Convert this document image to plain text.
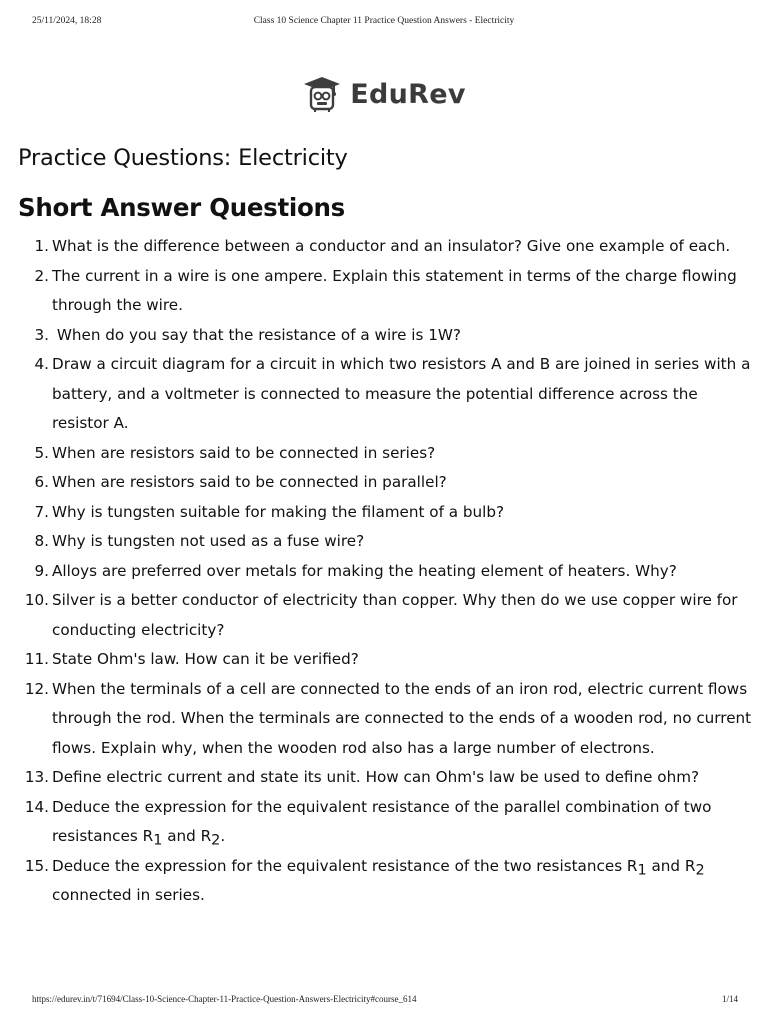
25/11/2024, 18:28	Class 10 Science Chapter 11 Practice Question Answers - Electricity
EduRev
Practice Questions: Electricity
Short Answer Questions
1. What is the difference between a conductor and an insulator? Give one example of each.
2. The current in a wire is one ampere. Explain this statement in terms of the charge flowing through the wire.
3. When do you say that the resistance of a wire is 1W?
4. Draw a circuit diagram for a circuit in which two resistors A and B are joined in series with a battery, and a voltmeter is connected to measure the potential difference across the resistor A.
5. When are resistors said to be connected in series?
6. When are resistors said to be connected in parallel?
7. Why is tungsten suitable for making the filament of a bulb?
8. Why is tungsten not used as a fuse wire?
9. Alloys are preferred over metals for making the heating element of heaters. Why?
10. Silver is a better conductor of electricity than copper. Why then do we use copper wire for conducting electricity?
11. State Ohm's law. How can it be verified?
12. When the terminals of a cell are connected to the ends of an iron rod, electric current flows through the rod. When the terminals are connected to the ends of a wooden rod, no current flows. Explain why, when the wooden rod also has a large number of electrons.
13. Define electric current and state its unit. How can Ohm's law be used to define ohm?
14. Deduce the expression for the equivalent resistance of the parallel combination of two resistances R1 and R2.
15. Deduce the expression for the equivalent resistance of the two resistances R1 and R2 connected in series.
https://edurev.in/t/71694/Class-10-Science-Chapter-11-Practice-Question-Answers-Electricity#course_614	1/14
